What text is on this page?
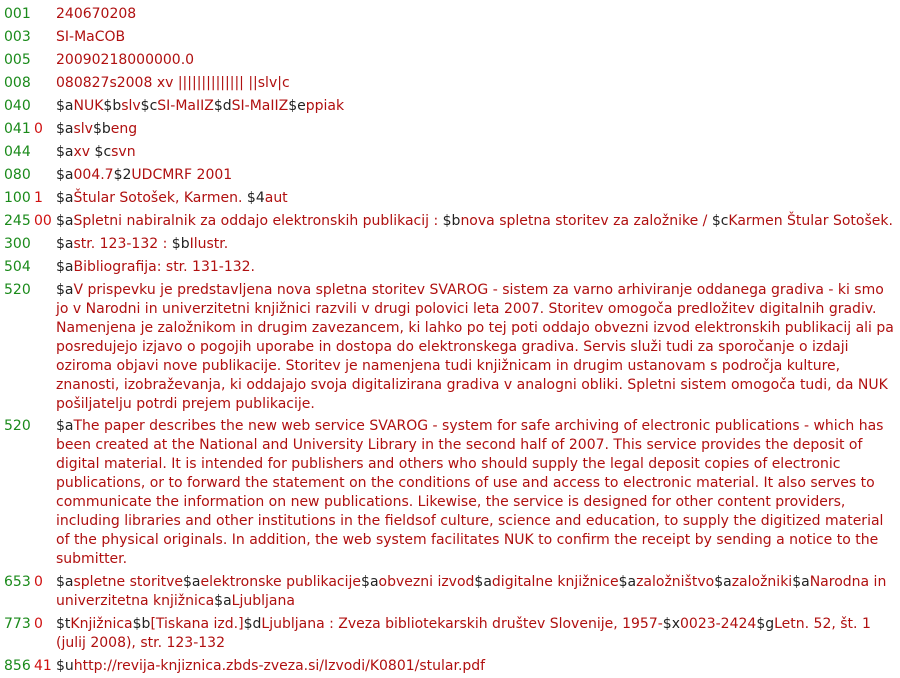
001 240670208
003 SI-MaCOB
005 20090218000000.0
008 080827s2008 xv |||||||||||||| ||slv|c
040 $aNUK$bslv$cSI-MaIIZ$dSI-MaIIZ$eppiak
041 0 $aslv$beng
044 $axv $csvn
080 $a004.7$2UDCMRF 2001
100 1 $aŠtular Sotošek, Karmen. $4aut
245 00 $aSpletni nabiralnik za oddajo elektronskih publikacij : $bnova spletna storitev za založnike / $cKarmen Štular Sotošek.
300 $astr. 123-132 : $bIlustr.
504 $aBibliografija: str. 131-132.
520 $aV prispevku je predstavljena nova spletna storitev SVAROG - sistem za varno arhiviranje oddanega gradiva - ki smo jo v Narodni in univerzitetni knjižnici razvili v drugi polovici leta 2007. Storitev omogoča predložitev digitalnih gradiv. Namenjena je založnikom in drugim zavezancem, ki lahko po tej poti oddajo obvezni izvod elektronskih publikacij ali pa posredujejo izjavo o pogojih uporabe in dostopa do elektronskega gradiva. Servis služi tudi za sporočanje o izdaji oziroma objavi nove publikacije. Storitev je namenjena tudi knjižnicam in drugim ustanovam s področja kulture, znanosti, izobraževanja, ki oddajajo svoja digitalizirana gradiva v analogni obliki. Spletni sistem omogoča tudi, da NUK pošiljatelju potrdi prejem publikacije.
520 $aThe paper describes the new web service SVAROG - system for safe archiving of electronic publications - which has been created at the National and University Library in the second half of 2007. This service provides the deposit of digital material. It is intended for publishers and others who should supply the legal deposit copies of electronic publications, or to forward the statement on the conditions of use and access to electronic material. It also serves to communicate the information on new publications. Likewise, the service is designed for other content providers, including libraries and other institutions in the fieldsof culture, science and education, to supply the digitized material of the physical originals. In addition, the web system facilitates NUK to confirm the receipt by sending a notice to the submitter.
653 0 $aspletne storitve$aelektronske publikacije$aobvezni izvod$adigitalne knjižnice$azaložništvo$azaložniki$aNarodna in univerzitetna knjižnica$aLjubljana
773 0 $tKnjižnica$b[Tiskana izd.]$dLjubljana : Zveza bibliotekarskih društev Slovenije, 1957-$x0023-2424$gLetn. 52, št. 1 (julij 2008), str. 123-132
856 41 $uhttp://revija-knjiznica.zbds-zveza.si/Izvodi/K0801/stular.pdf
